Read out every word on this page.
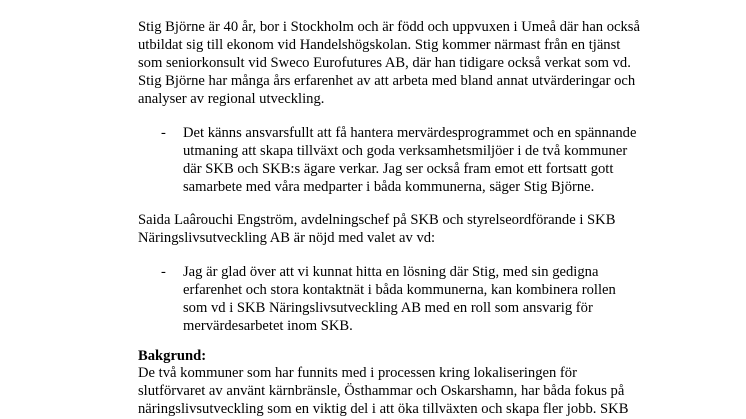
Stig Björne är 40 år, bor i Stockholm och är född och uppvuxen i Umeå där han också
utbildat sig till ekonom vid Handelshögskolan. Stig kommer närmast från en tjänst
som seniorkonsult vid Sweco Eurofutures AB, där han tidigare också verkat som vd.
Stig Björne har många års erfarenhet av att arbeta med bland annat utvärderingar och
analyser av regional utveckling.
- Det känns ansvarsfullt att få hantera mervärdesprogrammet och en spännande
utmaning att skapa tillväxt och goda verksamhetsmiljöer i de två kommuner
där SKB och SKB:s ägare verkar. Jag ser också fram emot ett fortsatt gott
samarbete med våra medparter i båda kommunerna, säger Stig Björne.
Saida Laârouchi Engström, avdelningschef på SKB och styrelseordförande i SKB
Näringslivsutveckling AB är nöjd med valet av vd:
- Jag är glad över att vi kunnat hitta en lösning där Stig, med sin gedigna
erfarenhet och stora kontaktnät i båda kommunerna, kan kombinera rollen
som vd i SKB Näringslivsutveckling AB med en roll som ansvarig för
mervärdesarbetet inom SKB.
Bakgrund:
De två kommuner som har funnits med i processen kring lokaliseringen för
slutförvaret av använt kärnbränsle, Östhammar och Oskarshamn, har båda fokus på
näringslivsutveckling som en viktig del i att öka tillväxten och skapa fler jobb. SKB
